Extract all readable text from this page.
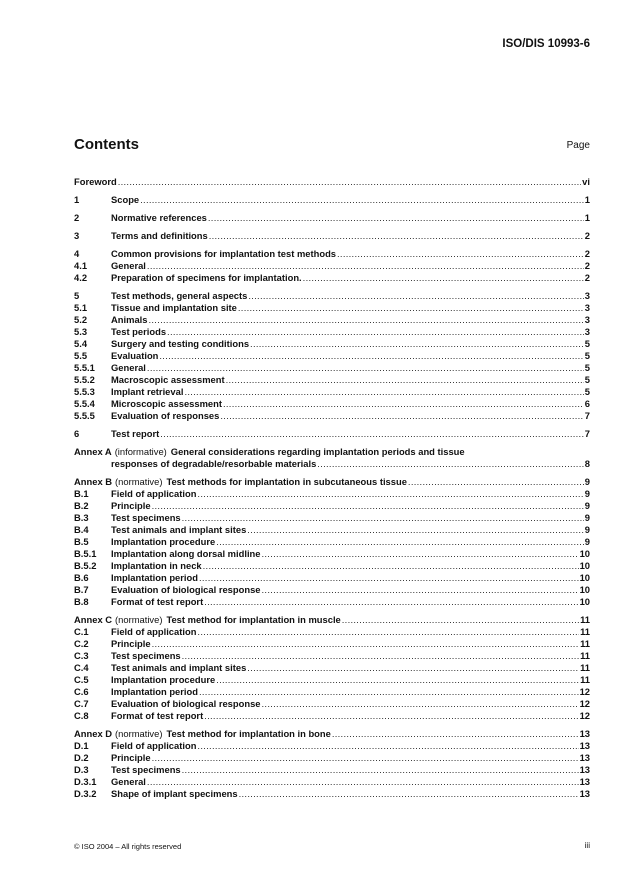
ISO/DIS 10993-6
Contents	Page
Foreword .....	vi
1	Scope .....	1
2	Normative references .....	1
3	Terms and definitions .....	2
4	Common provisions for implantation test methods .....	2
4.1	General .....	2
4.2	Preparation of specimens for implantation. .....	2
5	Test methods, general aspects .....	3
5.1	Tissue and implantation site .....	3
5.2	Animals .....	3
5.3	Test periods .....	3
5.4	Surgery and testing conditions .....	5
5.5	Evaluation .....	5
5.5.1	General .....	5
5.5.2	Macroscopic assessment .....	5
5.5.3	Implant retrieval .....	5
5.5.4	Microscopic assessment .....	6
5.5.5	Evaluation of responses .....	7
6	Test report .....	7
Annex A (informative) General considerations regarding implantation periods and tissue
responses of degradable/resorbable materials .....	8
Annex B (normative) Test methods for implantation in subcutaneous tissue .....	9
B.1	Field of application .....	9
B.2	Principle .....	9
B.3	Test specimens .....	9
B.4	Test animals and implant sites .....	9
B.5	Implantation procedure .....	9
B.5.1	Implantation along dorsal midline .....	10
B.5.2	Implantation in neck .....	10
B.6	Implantation period .....	10
B.7	Evaluation of biological response .....	10
B.8	Format of test report .....	10
Annex C (normative) Test method for implantation in muscle .....	11
C.1	Field of application .....	11
C.2	Principle .....	11
C.3	Test specimens .....	11
C.4	Test animals and implant sites .....	11
C.5	Implantation procedure .....	11
C.6	Implantation period .....	12
C.7	Evaluation of biological response .....	12
C.8	Format of test report .....	12
Annex D (normative) Test method for implantation in bone .....	13
D.1	Field of application .....	13
D.2	Principle .....	13
D.3	Test specimens .....	13
D.3.1	General .....	13
D.3.2	Shape of implant specimens .....	13
© ISO 2004 – All rights reserved	iii
